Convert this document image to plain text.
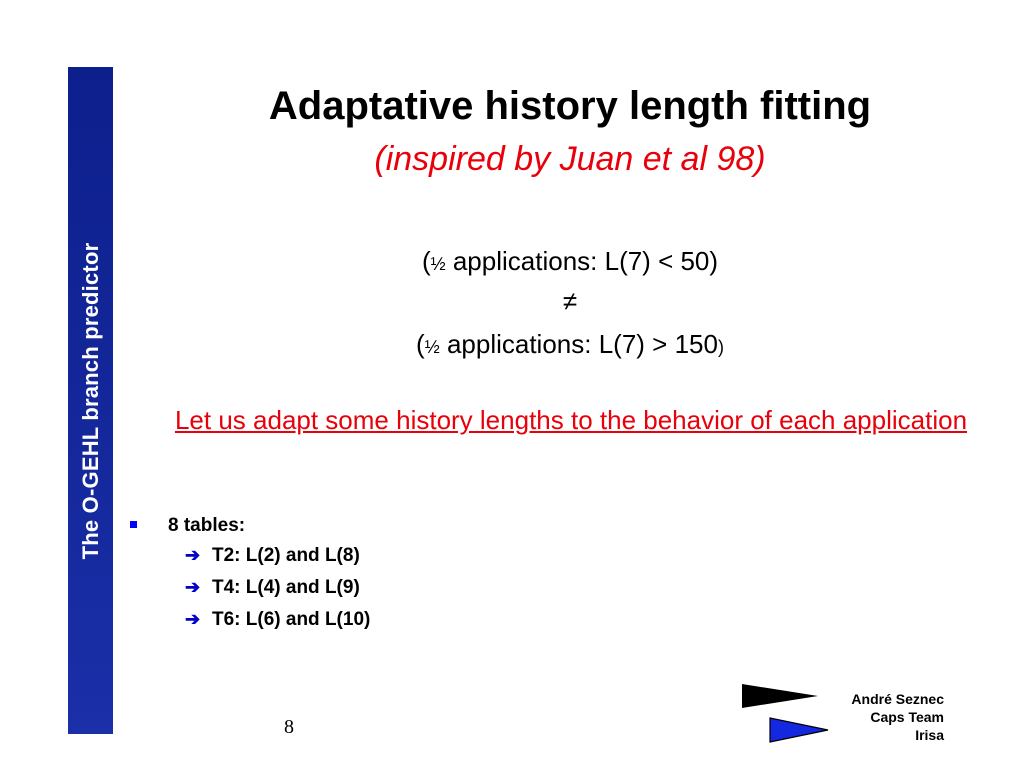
The O-GEHL branch predictor
Adaptative history length fitting
(inspired by Juan et al 98)
(½ applications: L(7) < 50)
≠
(½ applications: L(7) > 150)
Let us adapt some history lengths to the behavior of each application
8 tables:
➔ T2: L(2) and L(8)
➔ T4: L(4) and L(9)
➔ T6: L(6) and L(10)
8
André Seznec
Caps Team
Irisa
